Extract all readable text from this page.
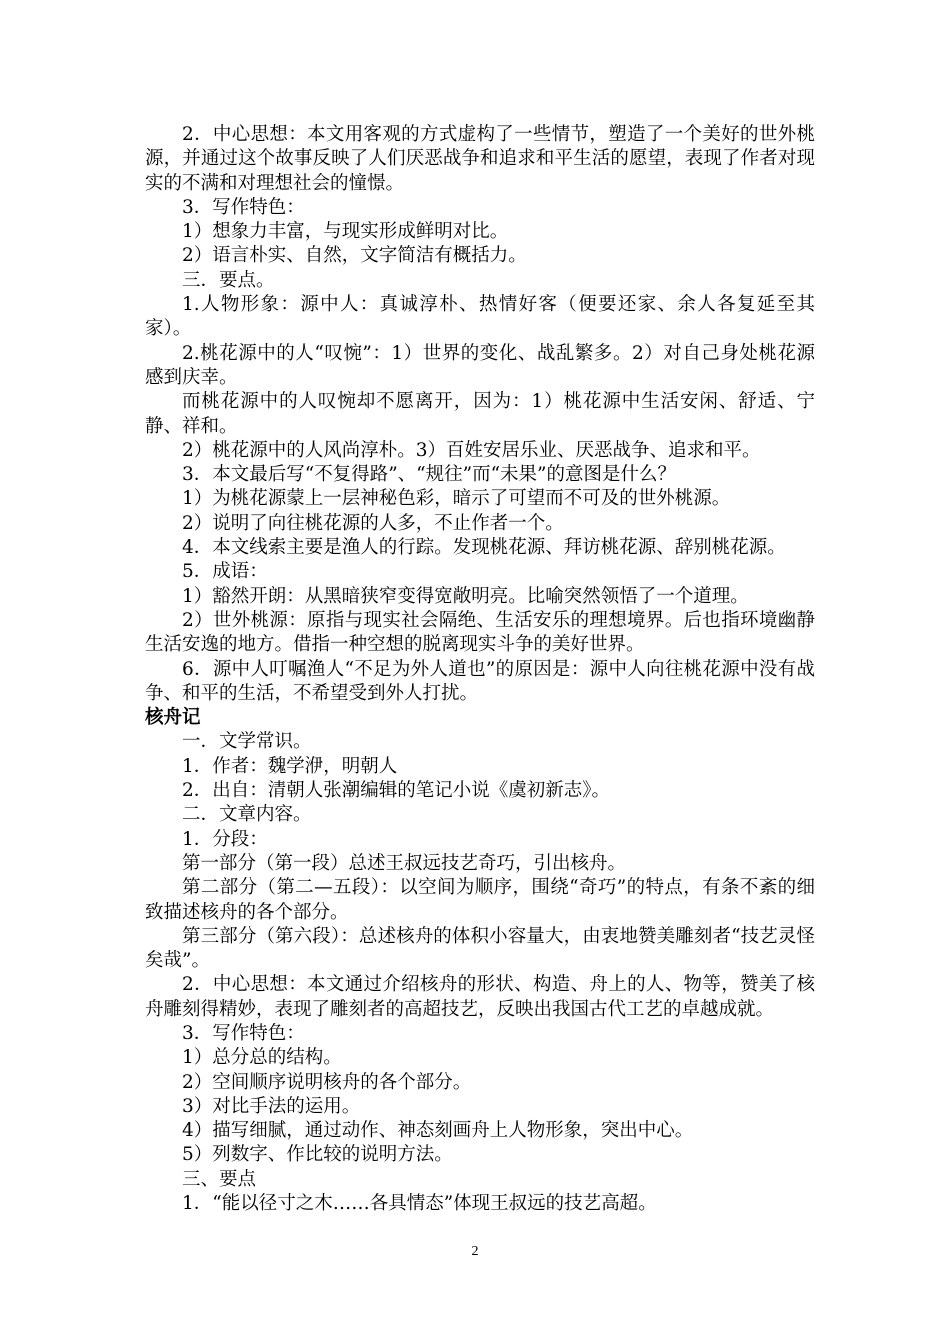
2．中心思想：本文用客观的方式虚构了一些情节，塑造了一个美好的世外桃源，并通过这个故事反映了人们厌恶战争和追求和平生活的愿望，表现了作者对现实的不满和对理想社会的憧憬。

3．写作特色：

1）想象力丰富，与现实形成鲜明对比。

2）语言朴实、自然，文字简洁有概括力。

三．要点。

1.人物形象：源中人：真诚淳朴、热情好客（便要还家、余人各复延至其家）。

2.桃花源中的人“叹惋”：1）世界的变化、战乱繁多。2）对自己身处桃花源感到庆幸。

而桃花源中的人叹惋却不愿离开，因为：1）桃花源中生活安闲、舒适、宁静、祥和。

2）桃花源中的人风尚淳朴。3）百姓安居乐业、厌恶战争、追求和平。

3．本文最后写“不复得路”、“规往”而“未果”的意图是什么？

1）为桃花源蒙上一层神秘色彩，暗示了可望而不可及的世外桃源。

2）说明了向往桃花源的人多，不止作者一个。

4．本文线索主要是渔人的行踪。发现桃花源、拜访桃花源、辞别桃花源。

5．成语：

1）豁然开朗：从黑暗狭窄变得宽敞明亮。比喻突然领悟了一个道理。

2）世外桃源：原指与现实社会隔绝、生活安乐的理想境界。后也指环境幽静生活安逸的地方。借指一种空想的脱离现实斗争的美好世界。

6．源中人叮嘱渔人“不足为外人道也”的原因是：源中人向往桃花源中没有战争、和平的生活，不希望受到外人打扰。

核舟记

一．文学常识。

1．作者：魏学洢，明朝人

2．出自：清朝人张潮编辑的笔记小说《虞初新志》。

二．文章内容。

1．分段：

第一部分（第一段）总述王叔远技艺奇巧，引出核舟。

第二部分（第二—五段）：以空间为顺序，围绕“奇巧”的特点，有条不紊的细致描述核舟的各个部分。

第三部分（第六段）：总述核舟的体积小容量大，由衷地赞美雕刻者“技艺灵怪矣哉”。

2．中心思想：本文通过介绍核舟的形状、构造、舟上的人、物等，赞美了核舟雕刻得精妙，表现了雕刻者的高超技艺，反映出我国古代工艺的卓越成就。

3．写作特色：

1）总分总的结构。

2）空间顺序说明核舟的各个部分。

3）对比手法的运用。

4）描写细腻，通过动作、神态刻画舟上人物形象，突出中心。

5）列数字、作比较的说明方法。

三、要点

1．“能以径寸之木……各具情态”体现王叔远的技艺高超。

2
